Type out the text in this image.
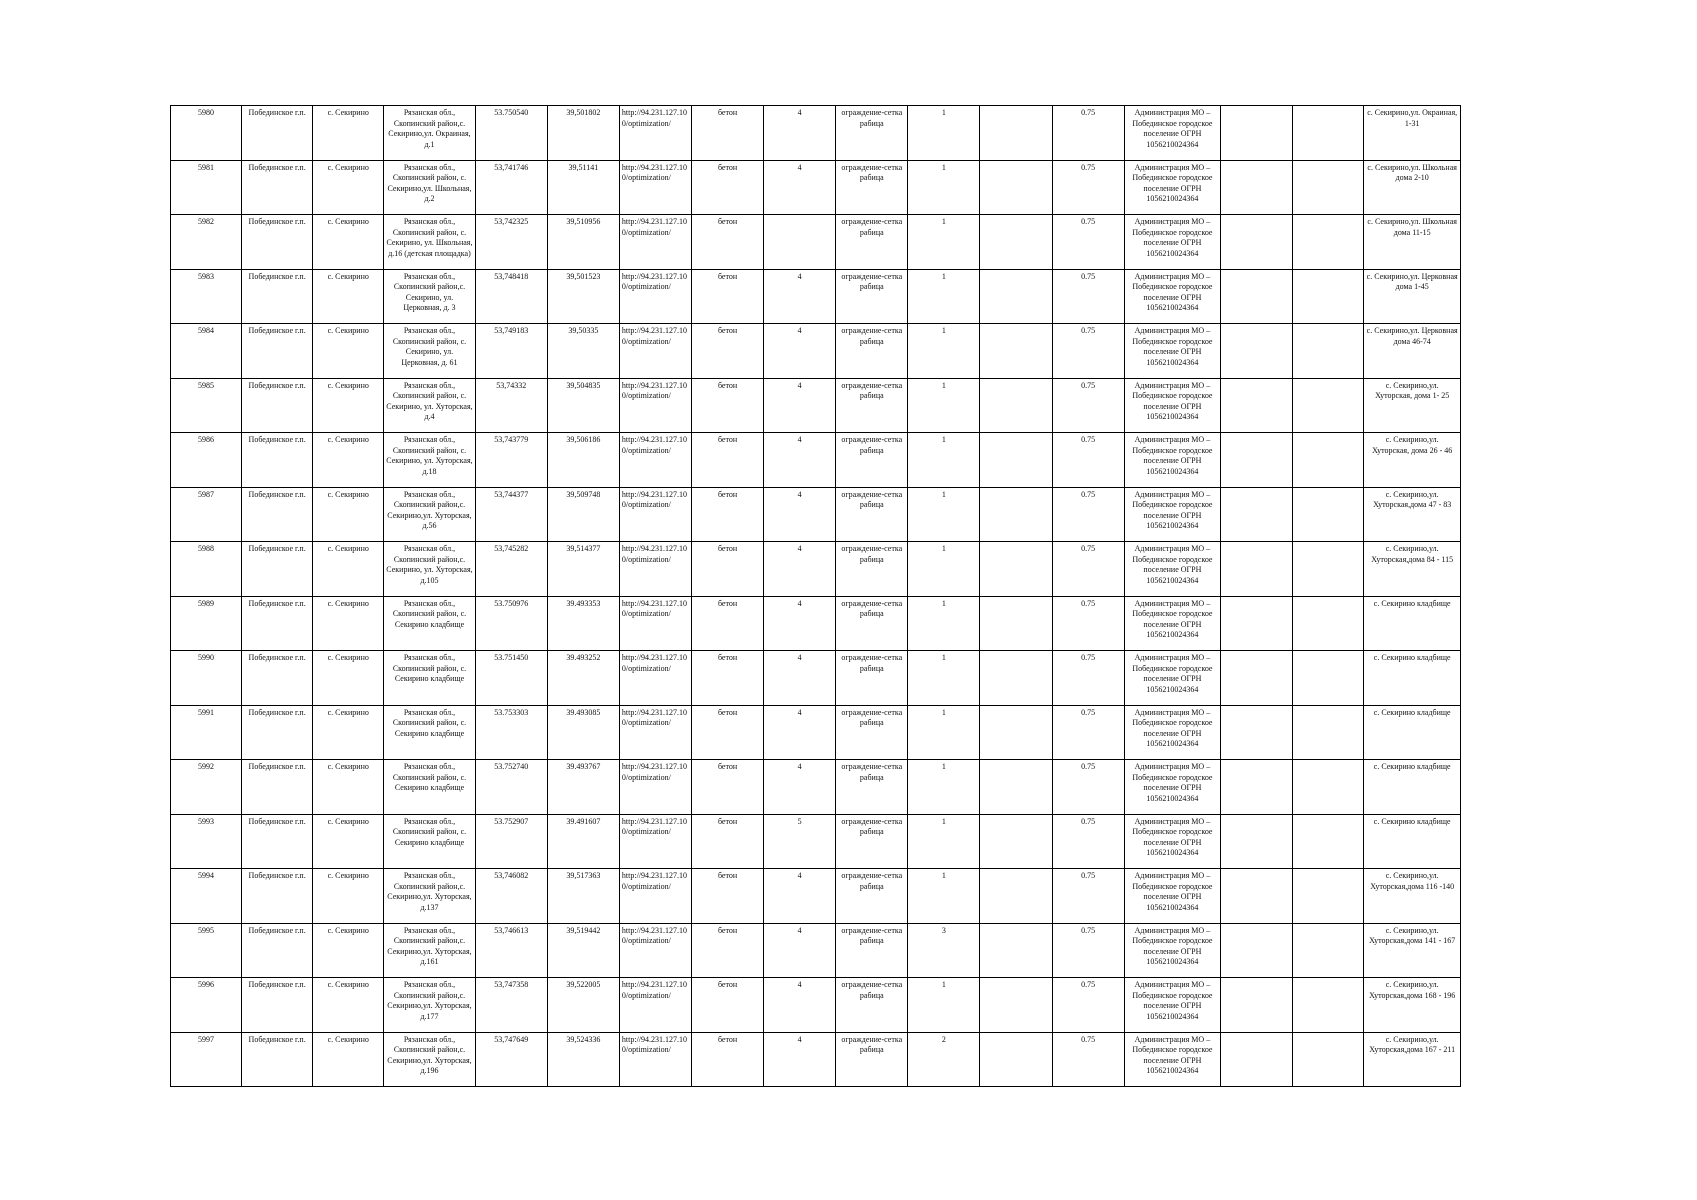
5980	Побединское г.п.	с. Секирино	Рязанская обл., Скопинский район,с. Секирино,ул. Окраиная, д.1	53.750540	39,501802	http://94.231.127.10 0/optimization/	бетон	4	ограждение-сетка рабица	1		0.75	Администрация МО – Побединское городское поселение ОГРН 1056210024364			с. Секирино,ул. Окраиная, 1-31
5981	Побединское г.п.	с. Секирино	Рязанская обл., Скопинский район, с. Секирино,ул. Школьная, д.2	53,741746	39,51141	http://94.231.127.10 0/optimization/	бетон	4	ограждение-сетка рабица	1		0.75	Администрация МО – Побединское городское поселение ОГРН 1056210024364			с. Секирино,ул. Школьная дома 2-10
5982	Побединское г.п.	с. Секирино	Рязанская обл., Скопинский район, с. Секирино, ул. Школьная, д.16 (детская площадка)	53,742325	39,510956	http://94.231.127.10 0/optimization/	бетон		ограждение-сетка рабица	1		0.75	Администрация МО – Побединское городское поселение ОГРН 1056210024364			с. Секирино,ул. Школьная дома 11-15
5983	Побединское г.п.	с. Секирино	Рязанская обл., Скопинский район,с. Секирино, ул. Церковная, д. 3	53,748418	39,501523	http://94.231.127.10 0/optimization/	бетон	4	ограждение-сетка рабица	1		0.75	Администрация МО – Побединское городское поселение ОГРН 1056210024364			с. Секирино,ул. Церковная дома 1-45
5984	Побединское г.п.	с. Секирино	Рязанская обл., Скопинский район, с. Секирино, ул. Церковная, д. 61	53,749183	39,50335	http://94.231.127.10 0/optimization/	бетон	4	ограждение-сетка рабица	1		0.75	Администрация МО – Побединское городское поселение ОГРН 1056210024364			с. Секирино,ул. Церковная дома 46-74
5985	Побединское г.п.	с. Секирино	Рязанская обл., Скопинский район, с. Секирино, ул. Хуторская, д.4	53,74332	39,504835	http://94.231.127.10 0/optimization/	бетон	4	ограждение-сетка рабица	1		0.75	Администрация МО – Побединское городское поселение ОГРН 1056210024364			с. Секирино,ул. Хуторская, дома 1- 25
5986	Побединское г.п.	с. Секирино	Рязанская обл., Скопинский район, с. Секирино, ул. Хуторская, д.18	53,743779	39,506186	http://94.231.127.10 0/optimization/	бетон	4	ограждение-сетка рабица	1		0.75	Администрация МО – Побединское городское поселение ОГРН 1056210024364			с. Секирино,ул. Хуторская, дома 26 - 46
5987	Побединское г.п.	с. Секирино	Рязанская обл., Скопинский район,с. Секирино,ул. Хуторская, д.56	53,744377	39,509748	http://94.231.127.10 0/optimization/	бетон	4	ограждение-сетка рабица	1		0.75	Администрация МО – Побединское городское поселение ОГРН 1056210024364			с. Секирино,ул. Хуторская,дома 47 - 83
5988	Побединское г.п.	с. Секирино	Рязанская обл., Скопинский район,с. Секирино, ул. Хуторская, д.105	53,745282	39,514377	http://94.231.127.10 0/optimization/	бетон	4	ограждение-сетка рабица	1		0.75	Администрация МО – Побединское городское поселение ОГРН 1056210024364			с. Секирино,ул. Хуторская,дома 84 - 115
5989	Побединское г.п.	с. Секирино	Рязанская обл., Скопинский район, с. Секирино кладбище	53.750976	39.493353	http://94.231.127.10 0/optimization/	бетон	4	ограждение-сетка рабица	1		0.75	Администрация МО – Побединское городское поселение ОГРН 1056210024364			с. Секирино кладбище
5990	Побединское г.п.	с. Секирино	Рязанская обл., Скопинский район, с. Секирино кладбище	53.751450	39.493252	http://94.231.127.10 0/optimization/	бетон	4	ограждение-сетка рабица	1		0.75	Администрация МО – Побединское городское поселение ОГРН 1056210024364			с. Секирино кладбище
5991	Побединское г.п.	с. Секирино	Рязанская обл., Скопинский район, с. Секирино кладбище	53.753303	39.493085	http://94.231.127.10 0/optimization/	бетон	4	ограждение-сетка рабица	1		0.75	Администрация МО – Побединское городское поселение ОГРН 1056210024364			с. Секирино кладбище
5992	Побединское г.п.	с. Секирино	Рязанская обл., Скопинский район, с. Секирино кладбище	53.752740	39.493767	http://94.231.127.10 0/optimization/	бетон	4	ограждение-сетка рабица	1		0.75	Администрация МО – Побединское городское поселение ОГРН 1056210024364			с. Секирино кладбище
5993	Побединское г.п.	с. Секирино	Рязанская обл., Скопинский район, с. Секирино кладбище	53.752907	39.491607	http://94.231.127.10 0/optimization/	бетон	5	ограждение-сетка рабица	1		0.75	Администрация МО – Побединское городское поселение ОГРН 1056210024364			с. Секирино кладбище
5994	Побединское г.п.	с. Секирино	Рязанская обл., Скопинский район,с. Секирино,ул. Хуторская, д.137	53,746082	39,517363	http://94.231.127.10 0/optimization/	бетон	4	ограждение-сетка рабица	1		0.75	Администрация МО – Побединское городское поселение ОГРН 1056210024364			с. Секирино,ул. Хуторская,дома 116 -140
5995	Побединское г.п.	с. Секирино	Рязанская обл., Скопинский район,с. Секирино,ул. Хуторская, д.161	53,746613	39,519442	http://94.231.127.10 0/optimization/	бетон	4	ограждение-сетка рабица	3		0.75	Администрация МО – Побединское городское поселение ОГРН 1056210024364			с. Секирино,ул. Хуторская,дома 141 - 167
5996	Побединское г.п.	с. Секирино	Рязанская обл., Скопинский район,с. Секирино,ул. Хуторская, д.177	53,747358	39,522005	http://94.231.127.10 0/optimization/	бетон	4	ограждение-сетка рабица	1		0.75	Администрация МО – Побединское городское поселение ОГРН 1056210024364			с. Секирино,ул. Хуторская,дома 168 - 196
5997	Побединское г.п.	с. Секирино	Рязанская обл., Скопинский район,с. Секирино,ул. Хуторская, д.196	53,747649	39,524336	http://94.231.127.10 0/optimization/	бетон	4	ограждение-сетка рабица	2		0.75	Администрация МО – Побединское городское поселение ОГРН 1056210024364			с. Секирино,ул. Хуторская,дома 167 - 211
